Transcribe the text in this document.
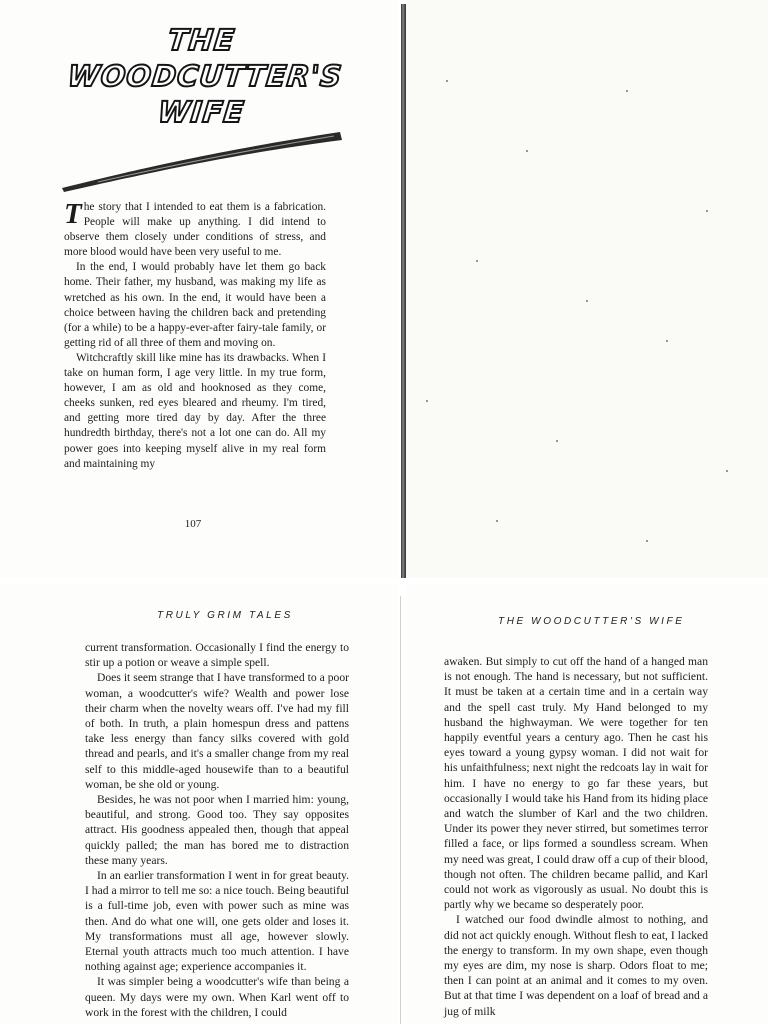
THE
WOODCUTTER'S
WIFE

The story that I intended to eat them is a fabrication. People will make up anything. I did intend to observe them closely under conditions of stress, and more blood would have been very useful to me.

In the end, I would probably have let them go back home. Their father, my husband, was making my life as wretched as his own. In the end, it would have been a choice between having the children back and pretending (for a while) to be a happy-ever-after fairy-tale family, or getting rid of all three of them and moving on.

Witchcraftly skill like mine has its drawbacks. When I take on human form, I age very little. In my true form, however, I am as old and hooknosed as they come, cheeks sunken, red eyes bleared and rheumy. I'm tired, and getting more tired day by day. After the three hundredth birthday, there's not a lot one can do. All my power goes into keeping myself alive in my real form and maintaining my

107
TRULY GRIM TALES

current transformation. Occasionally I find the energy to stir up a potion or weave a simple spell.

Does it seem strange that I have transformed to a poor woman, a woodcutter's wife? Wealth and power lose their charm when the novelty wears off. I've had my fill of both. In truth, a plain homespun dress and pattens take less energy than fancy silks covered with gold thread and pearls, and it's a smaller change from my real self to this middle-aged housewife than to a beautiful woman, be she old or young.

Besides, he was not poor when I married him: young, beautiful, and strong. Good too. They say opposites attract. His goodness appealed then, though that appeal quickly palled; the man has bored me to distraction these many years.

In an earlier transformation I went in for great beauty. I had a mirror to tell me so: a nice touch. Being beautiful is a full-time job, even with power such as mine was then. And do what one will, one gets older and loses it. My transformations must all age, however slowly. Eternal youth attracts much too much attention. I have nothing against age; experience accompanies it.

It was simpler being a woodcutter's wife than being a queen. My days were my own. When Karl went off to work in the forest with the children, I could

THE WOODCUTTER'S WIFE

awaken. But simply to cut off the hand of a hanged man is not enough. The hand is necessary, but not sufficient. It must be taken at a certain time and in a certain way and the spell cast truly. My Hand belonged to my husband the highwayman. We were together for ten happily eventful years a century ago. Then he cast his eyes toward a young gypsy woman. I did not wait for his unfaithfulness; next night the redcoats lay in wait for him. I have no energy to go far these years, but occasionally I would take his Hand from its hiding place and watch the slumber of Karl and the two children. Under its power they never stirred, but sometimes terror filled a face, or lips formed a soundless scream. When my need was great, I could draw off a cup of their blood, though not often. The children became pallid, and Karl could not work as vigorously as usual. No doubt this is partly why we became so desperately poor.

I watched our food dwindle almost to nothing, and did not act quickly enough. Without flesh to eat, I lacked the energy to transform. In my own shape, even though my eyes are dim, my nose is sharp. Odors float to me; then I can point at an animal and it comes to my oven. But at that time I was dependent on a loaf of bread and a jug of milk
